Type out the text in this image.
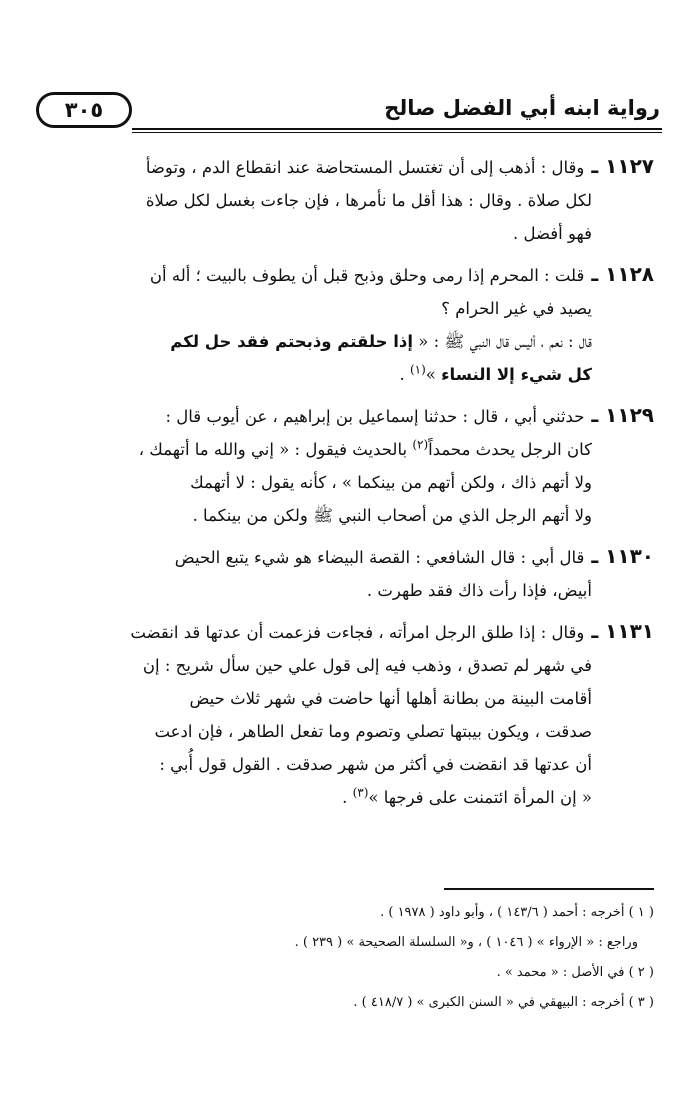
رواية ابنه أبي الفضل صالح
٣٠٥
١١٢٧ ـ وقال : أذهب إلى أن تغتسل المستحاضة عند انقطاع الدم ، وتوضأ
لكل صلاة . وقال : هذا أقل ما نأمرها ، فإن جاءت بغسل لكل صلاة
فهو أفضل .
١١٢٨ ـ قلت : المحرم إذا رمى وحلق وذبح قبل أن يطوف بالبيت ؛ أله أن
يصيد في غير الحرام ؟
قال : نعم ، أليس قال النبي ﷺ : « إذا حلقتم وذبحتم فقد حل لكم
كل شيء إلا النساء »$^{(١)}$ .
١١٢٩ ـ حدثني أبي ، قال : حدثنا إسماعيل بن إبراهيم ، عن أيوب قال :
كان الرجل يحدث محمداً$^{(٢)}$ بالحديث فيقول : « إني والله ما أتهمك ،
ولا أتهم ذاك ، ولكن أتهم من بينكما » ، كأنه يقول : لا أتهمك
ولا أتهم الرجل الذي من أصحاب النبي ﷺ ولكن من بينكما .
١١٣٠ ـ قال أبي : قال الشافعي : القصة البيضاء هو شيء يتبع الحيض
أبيض، فإذا رأت ذاك فقد طهرت .
١١٣١ ـ وقال : إذا طلق الرجل امرأته ، فجاءت فزعمت أن عدتها قد انقضت
في شهر لم تصدق ، وذهب فيه إلى قول علي حين سأل شريح : إن
أقامت البينة من بطانة أهلها أنها حاضت في شهر ثلاث حيض
صدقت ، ويكون بيبتها تصلي وتصوم وما تفعل الطاهر ، فإن ادعت
أن عدتها قد انقضت في أكثر من شهر صدقت . القول قول أُبي :
« إن المرأة ائتمنت على فرجها »$^{(٣)}$ .
( ١ ) أخرجه : أحمد ( ١٤٣/٦ ) ، وأبو داود ( ١٩٧٨ ) .
وراجع : « الإرواء » ( ١٠٤٦ ) ، و« السلسلة الصحيحة » ( ٢٣٩ ) .
( ٢ ) في الأصل : « محمد » .
( ٣ ) أخرجه : البيهقي في « السنن الكبرى » ( ٤١٨/٧ ) .
